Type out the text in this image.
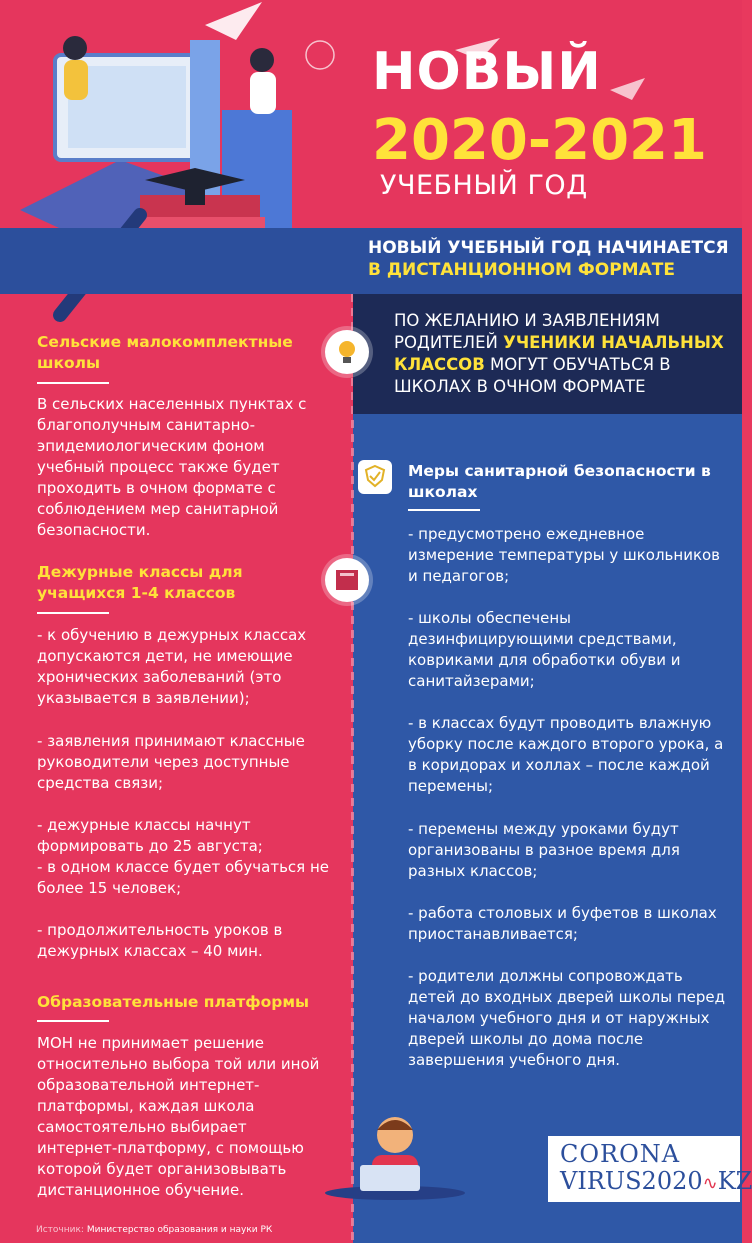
НОВЫЙ
2020-2021
УЧЕБНЫЙ ГОД
НОВЫЙ УЧЕБНЫЙ ГОД НАЧИНАЕТСЯ
В ДИСТАНЦИОННОМ ФОРМАТЕ
ПО ЖЕЛАНИЮ И ЗАЯВЛЕНИЯМ РОДИТЕЛЕЙ УЧЕНИКИ НАЧАЛЬНЫХ КЛАССОВ МОГУТ ОБУЧАТЬСЯ В ШКОЛАХ В ОЧНОМ ФОРМАТЕ
Сельские малокомплектные школы
В сельских населенных пунктах с благополучным санитарно-эпидемиологическим фоном учебный процесс также будет проходить в очном формате с соблюдением мер санитарной безопасности.
Дежурные классы для учащихся 1-4 классов
- к обучению в дежурных классах допускаются дети, не имеющие хронических заболеваний (это указывается в заявлении);
- заявления принимают классные руководители через доступные средства связи;
- дежурные классы начнут формировать до 25 августа;
- в одном классе будет обучаться не более 15 человек;
- продолжительность уроков в дежурных классах – 40 мин.
Образовательные платформы
МОН не принимает решение относительно выбора той или иной образовательной интернет-платформы, каждая школа самостоятельно выбирает интернет-платформу, с помощью которой будет организовывать дистанционное обучение.
Источник: Министерство образования и науки РК
Меры санитарной безопасности в школах
- предусмотрено ежедневное измерение температуры у школьников и педагогов;
- школы обеспечены дезинфицирующими средствами, ковриками для обработки обуви и санитайзерами;
- в классах будут проводить влажную уборку после каждого второго урока, а в коридорах и холлах – после каждой перемены;
- перемены между уроками будут организованы в разное время для разных классов;
- работа столовых и буфетов в школах приостанавливается;
- родители должны сопровождать детей до входных дверей школы перед началом учебного дня и от наружных дверей школы до дома после завершения учебного дня.
CORONA
VIRUS2020∿KZ
